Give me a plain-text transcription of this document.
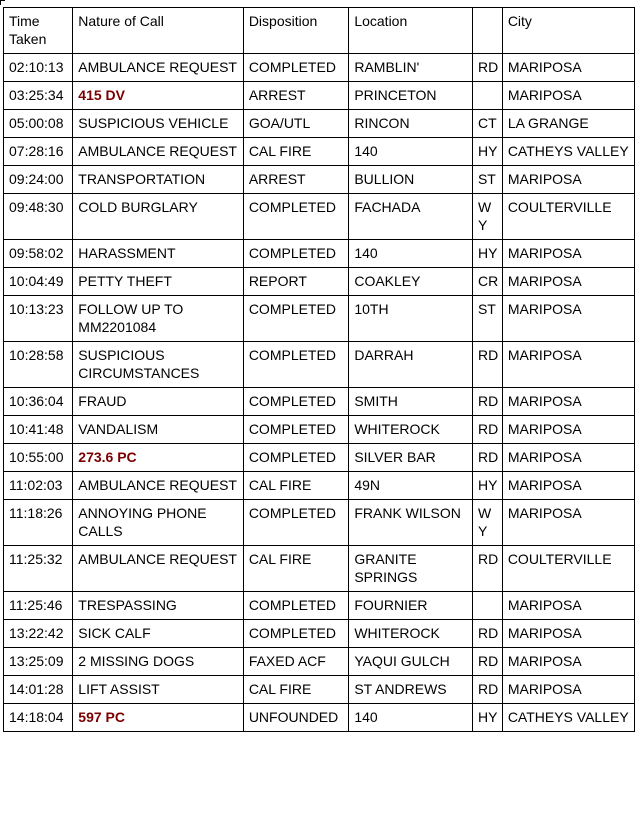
Time Taken	Nature of Call	Disposition	Location		City
02:10:13	AMBULANCE REQUEST	COMPLETED	RAMBLIN'	RD	MARIPOSA
03:25:34	415 DV	ARREST	PRINCETON		MARIPOSA
05:00:08	SUSPICIOUS VEHICLE	GOA/UTL	RINCON	CT	LA GRANGE
07:28:16	AMBULANCE REQUEST	CAL FIRE	140	HY	CATHEYS VALLEY
09:24:00	TRANSPORTATION	ARREST	BULLION	ST	MARIPOSA
09:48:30	COLD BURGLARY	COMPLETED	FACHADA	WY	COULTERVILLE
09:58:02	HARASSMENT	COMPLETED	140	HY	MARIPOSA
10:04:49	PETTY THEFT	REPORT	COAKLEY	CR	MARIPOSA
10:13:23	FOLLOW UP TO MM2201084	COMPLETED	10TH	ST	MARIPOSA
10:28:58	SUSPICIOUS CIRCUMSTANCES	COMPLETED	DARRAH	RD	MARIPOSA
10:36:04	FRAUD	COMPLETED	SMITH	RD	MARIPOSA
10:41:48	VANDALISM	COMPLETED	WHITEROCK	RD	MARIPOSA
10:55:00	273.6 PC	COMPLETED	SILVER BAR	RD	MARIPOSA
11:02:03	AMBULANCE REQUEST	CAL FIRE	49N	HY	MARIPOSA
11:18:26	ANNOYING PHONE CALLS	COMPLETED	FRANK WILSON	WY	MARIPOSA
11:25:32	AMBULANCE REQUEST	CAL FIRE	GRANITE SPRINGS	RD	COULTERVILLE
11:25:46	TRESPASSING	COMPLETED	FOURNIER		MARIPOSA
13:22:42	SICK CALF	COMPLETED	WHITEROCK	RD	MARIPOSA
13:25:09	2 MISSING DOGS	FAXED ACF	YAQUI GULCH	RD	MARIPOSA
14:01:28	LIFT ASSIST	CAL FIRE	ST ANDREWS	RD	MARIPOSA
14:18:04	597 PC	UNFOUNDED	140	HY	CATHEYS VALLEY
